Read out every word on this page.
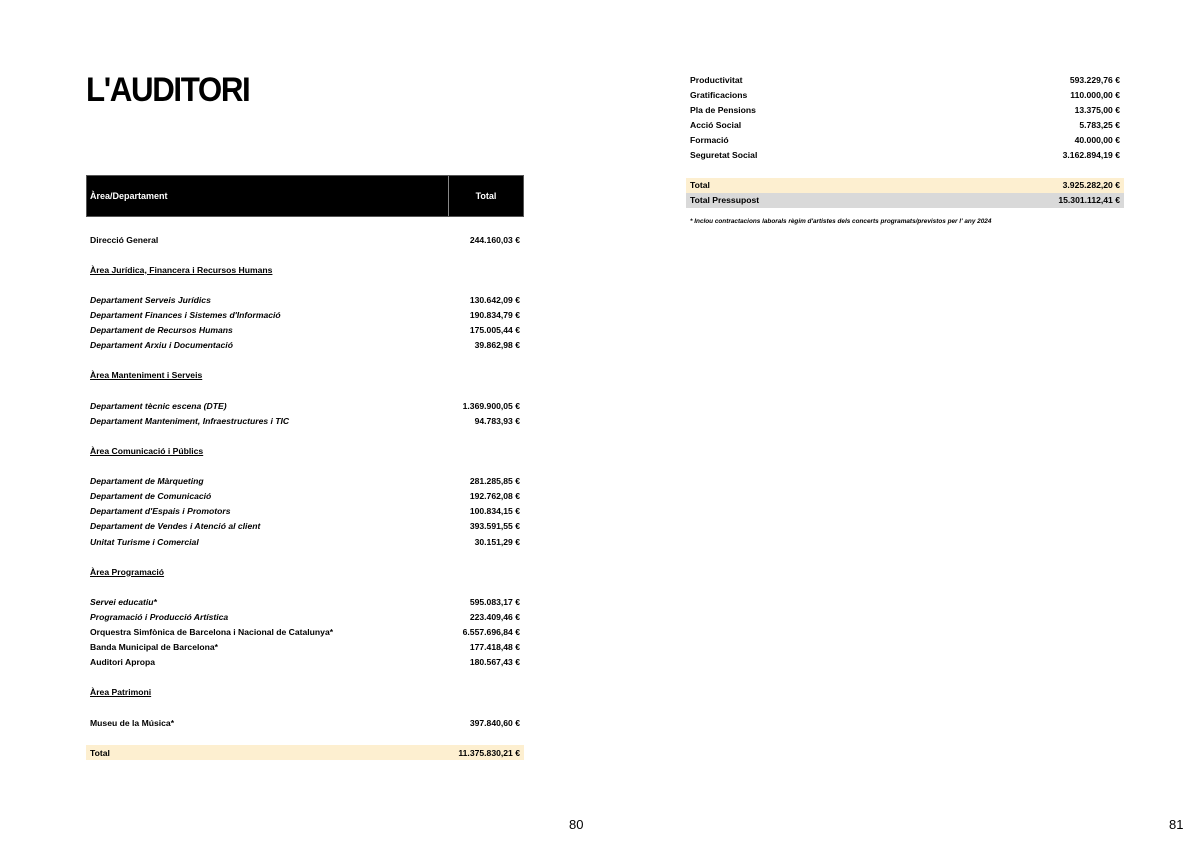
L'AUDITORI
Àrea/Departament	Total
Direcció General	244.160,03 €
Àrea Jurídica, Financera i Recursos Humans
Departament Serveis Jurídics	130.642,09 €
Departament Finances i Sistemes d'Informació	190.834,79 €
Departament de Recursos Humans	175.005,44 €
Departament Arxiu i Documentació	39.862,98 €
Àrea Manteniment i Serveis
Departament tècnic escena (DTE)	1.369.900,05 €
Departament Manteniment, Infraestructures i TIC	94.783,93 €
Àrea Comunicació i Públics
Departament de Màrqueting	281.285,85 €
Departament de Comunicació	192.762,08 €
Departament d'Espais i Promotors	100.834,15 €
Departament de Vendes i Atenció al client	393.591,55 €
Unitat Turisme i Comercial	30.151,29 €
Àrea Programació
Servei educatiu*	595.083,17 €
Programació i Producció Artística	223.409,46 €
Orquestra Simfònica de Barcelona i Nacional de Catalunya*	6.557.696,84 €
Banda Municipal de Barcelona*	177.418,48 €
Auditori Apropa	180.567,43 €
Àrea Patrimoni
Museu de la Música*	397.840,60 €
Total	11.375.830,21 €
Productivitat	593.229,76 €
Gratificacions	110.000,00 €
Pla de Pensions	13.375,00 €
Acció Social	5.783,25 €
Formació	40.000,00 €
Seguretat Social	3.162.894,19 €
Total	3.925.282,20 €
Total Pressupost	15.301.112,41 €
* Inclou contractacions laborals règim d'artistes dels concerts programats/previstos per l' any 2024
80	81
